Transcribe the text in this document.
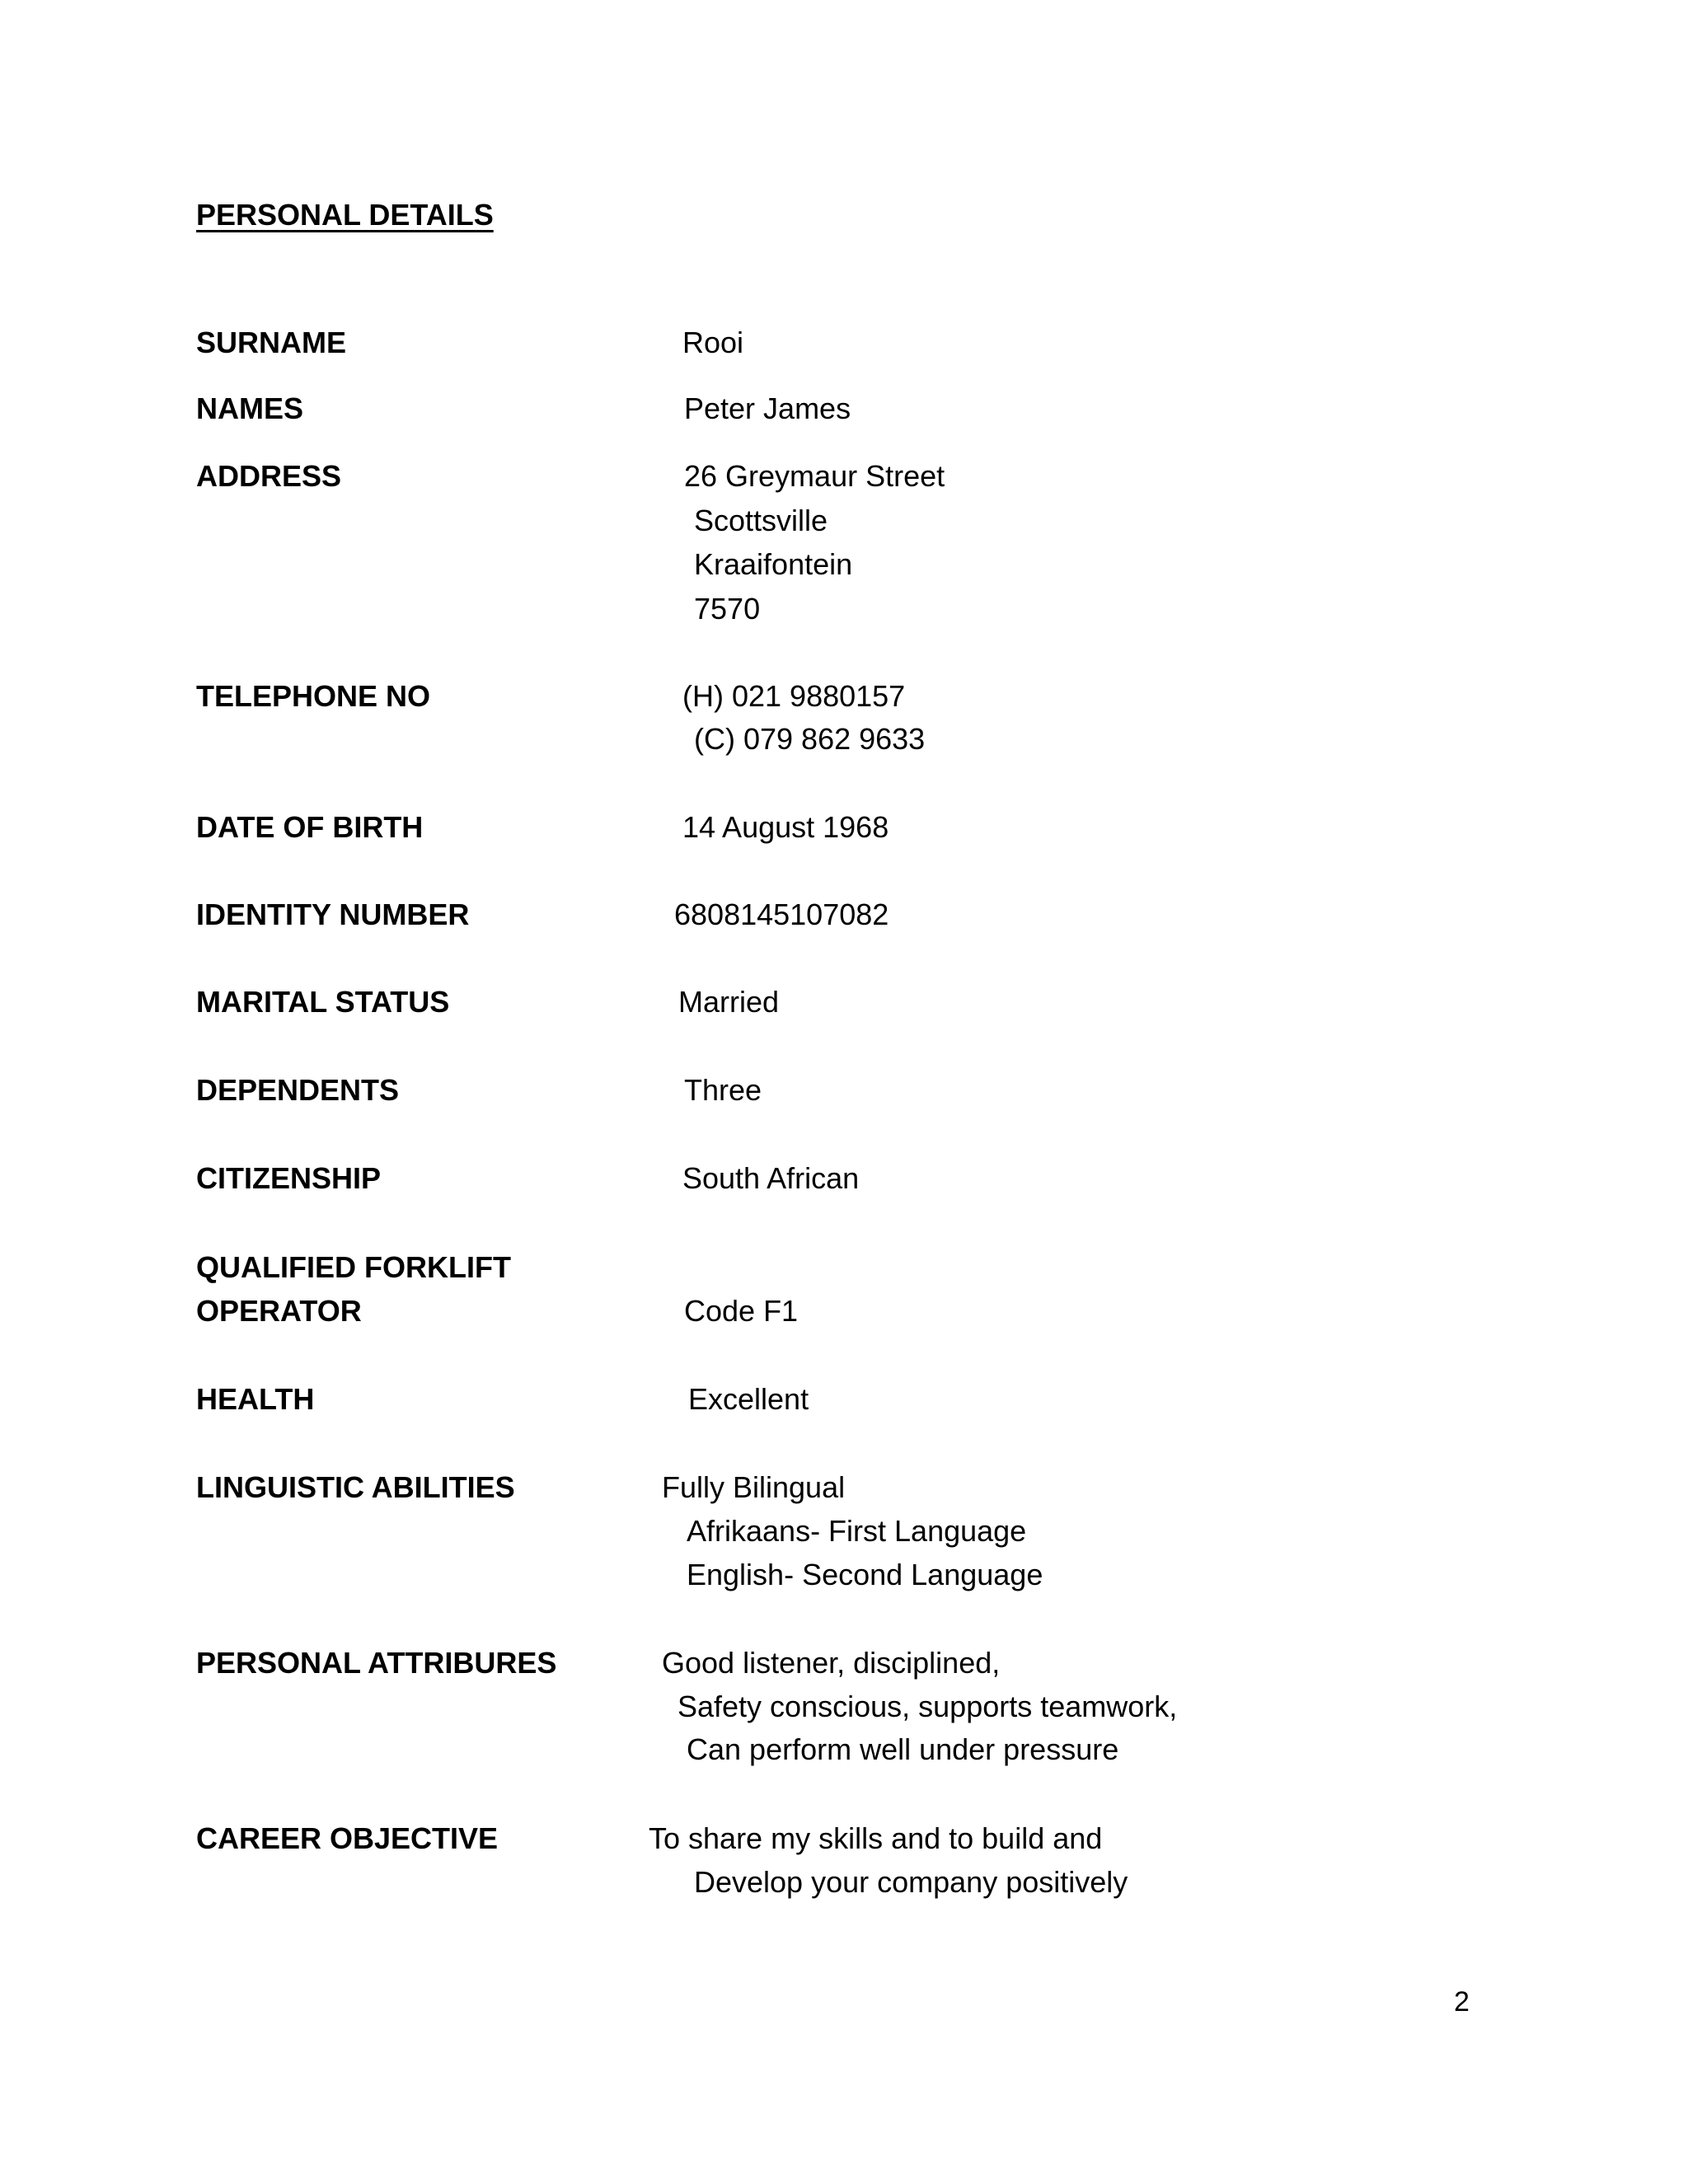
PERSONAL DETAILS
SURNAME	Rooi
NAMES	Peter James
ADDRESS	26 Greymaur Street
Scottsville
Kraaifontein
7570
TELEPHONE NO	(H) 021 9880157
(C) 079 862 9633
DATE OF BIRTH	14 August 1968
IDENTITY NUMBER	6808145107082
MARITAL STATUS	Married
DEPENDENTS	Three
CITIZENSHIP	South African
QUALIFIED FORKLIFT
OPERATOR	Code F1
HEALTH	Excellent
LINGUISTIC ABILITIES	Fully Bilingual
Afrikaans- First Language
English- Second Language
PERSONAL ATTRIBURES	Good listener, disciplined,
Safety conscious, supports teamwork,
Can perform well under pressure
CAREER OBJECTIVE	To share my skills and to build and
Develop your company positively
2
